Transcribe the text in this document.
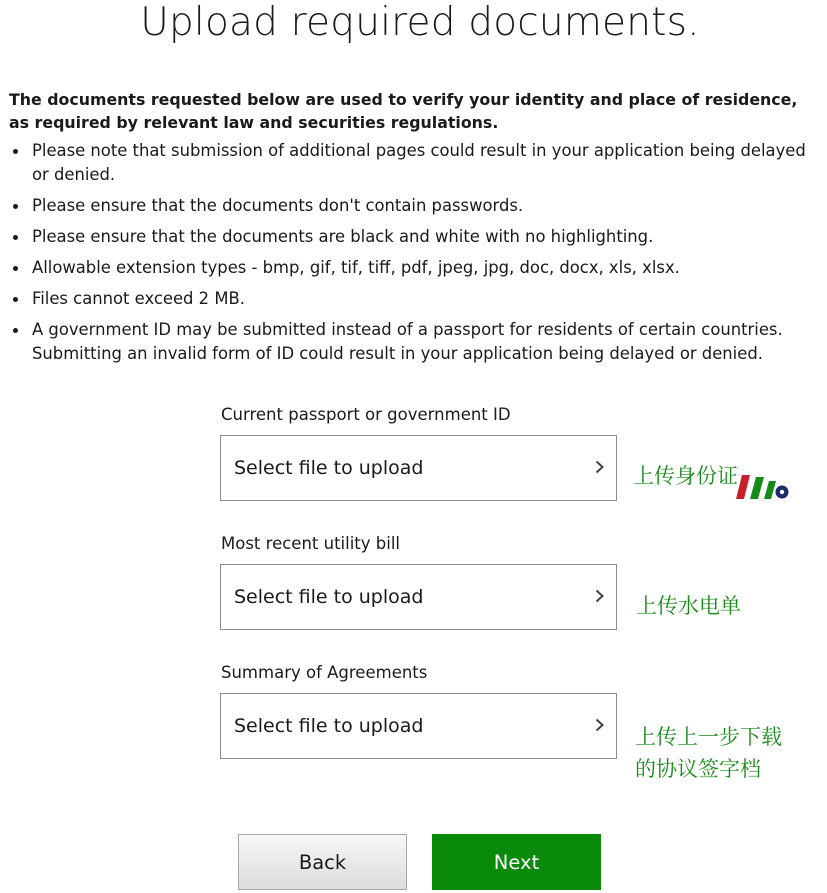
Upload required documents.

The documents requested below are used to verify your identity and place of residence, as required by relevant law and securities regulations.

Please note that submission of additional pages could result in your application being delayed or denied.
Please ensure that the documents don't contain passwords.
Please ensure that the documents are black and white with no highlighting.
Allowable extension types - bmp, gif, tif, tiff, pdf, jpeg, jpg, doc, docx, xls, xlsx.
Files cannot exceed 2 MB.
A government ID may be submitted instead of a passport for residents of certain countries. Submitting an invalid form of ID could result in your application being delayed or denied.
Current passport or government ID
Select file to upload	上传身份证
Most recent utility bill
Select file to upload	上传水电单
Summary of Agreements
Select file to upload	上传上一步下载
的协议签字档
Back	Next
